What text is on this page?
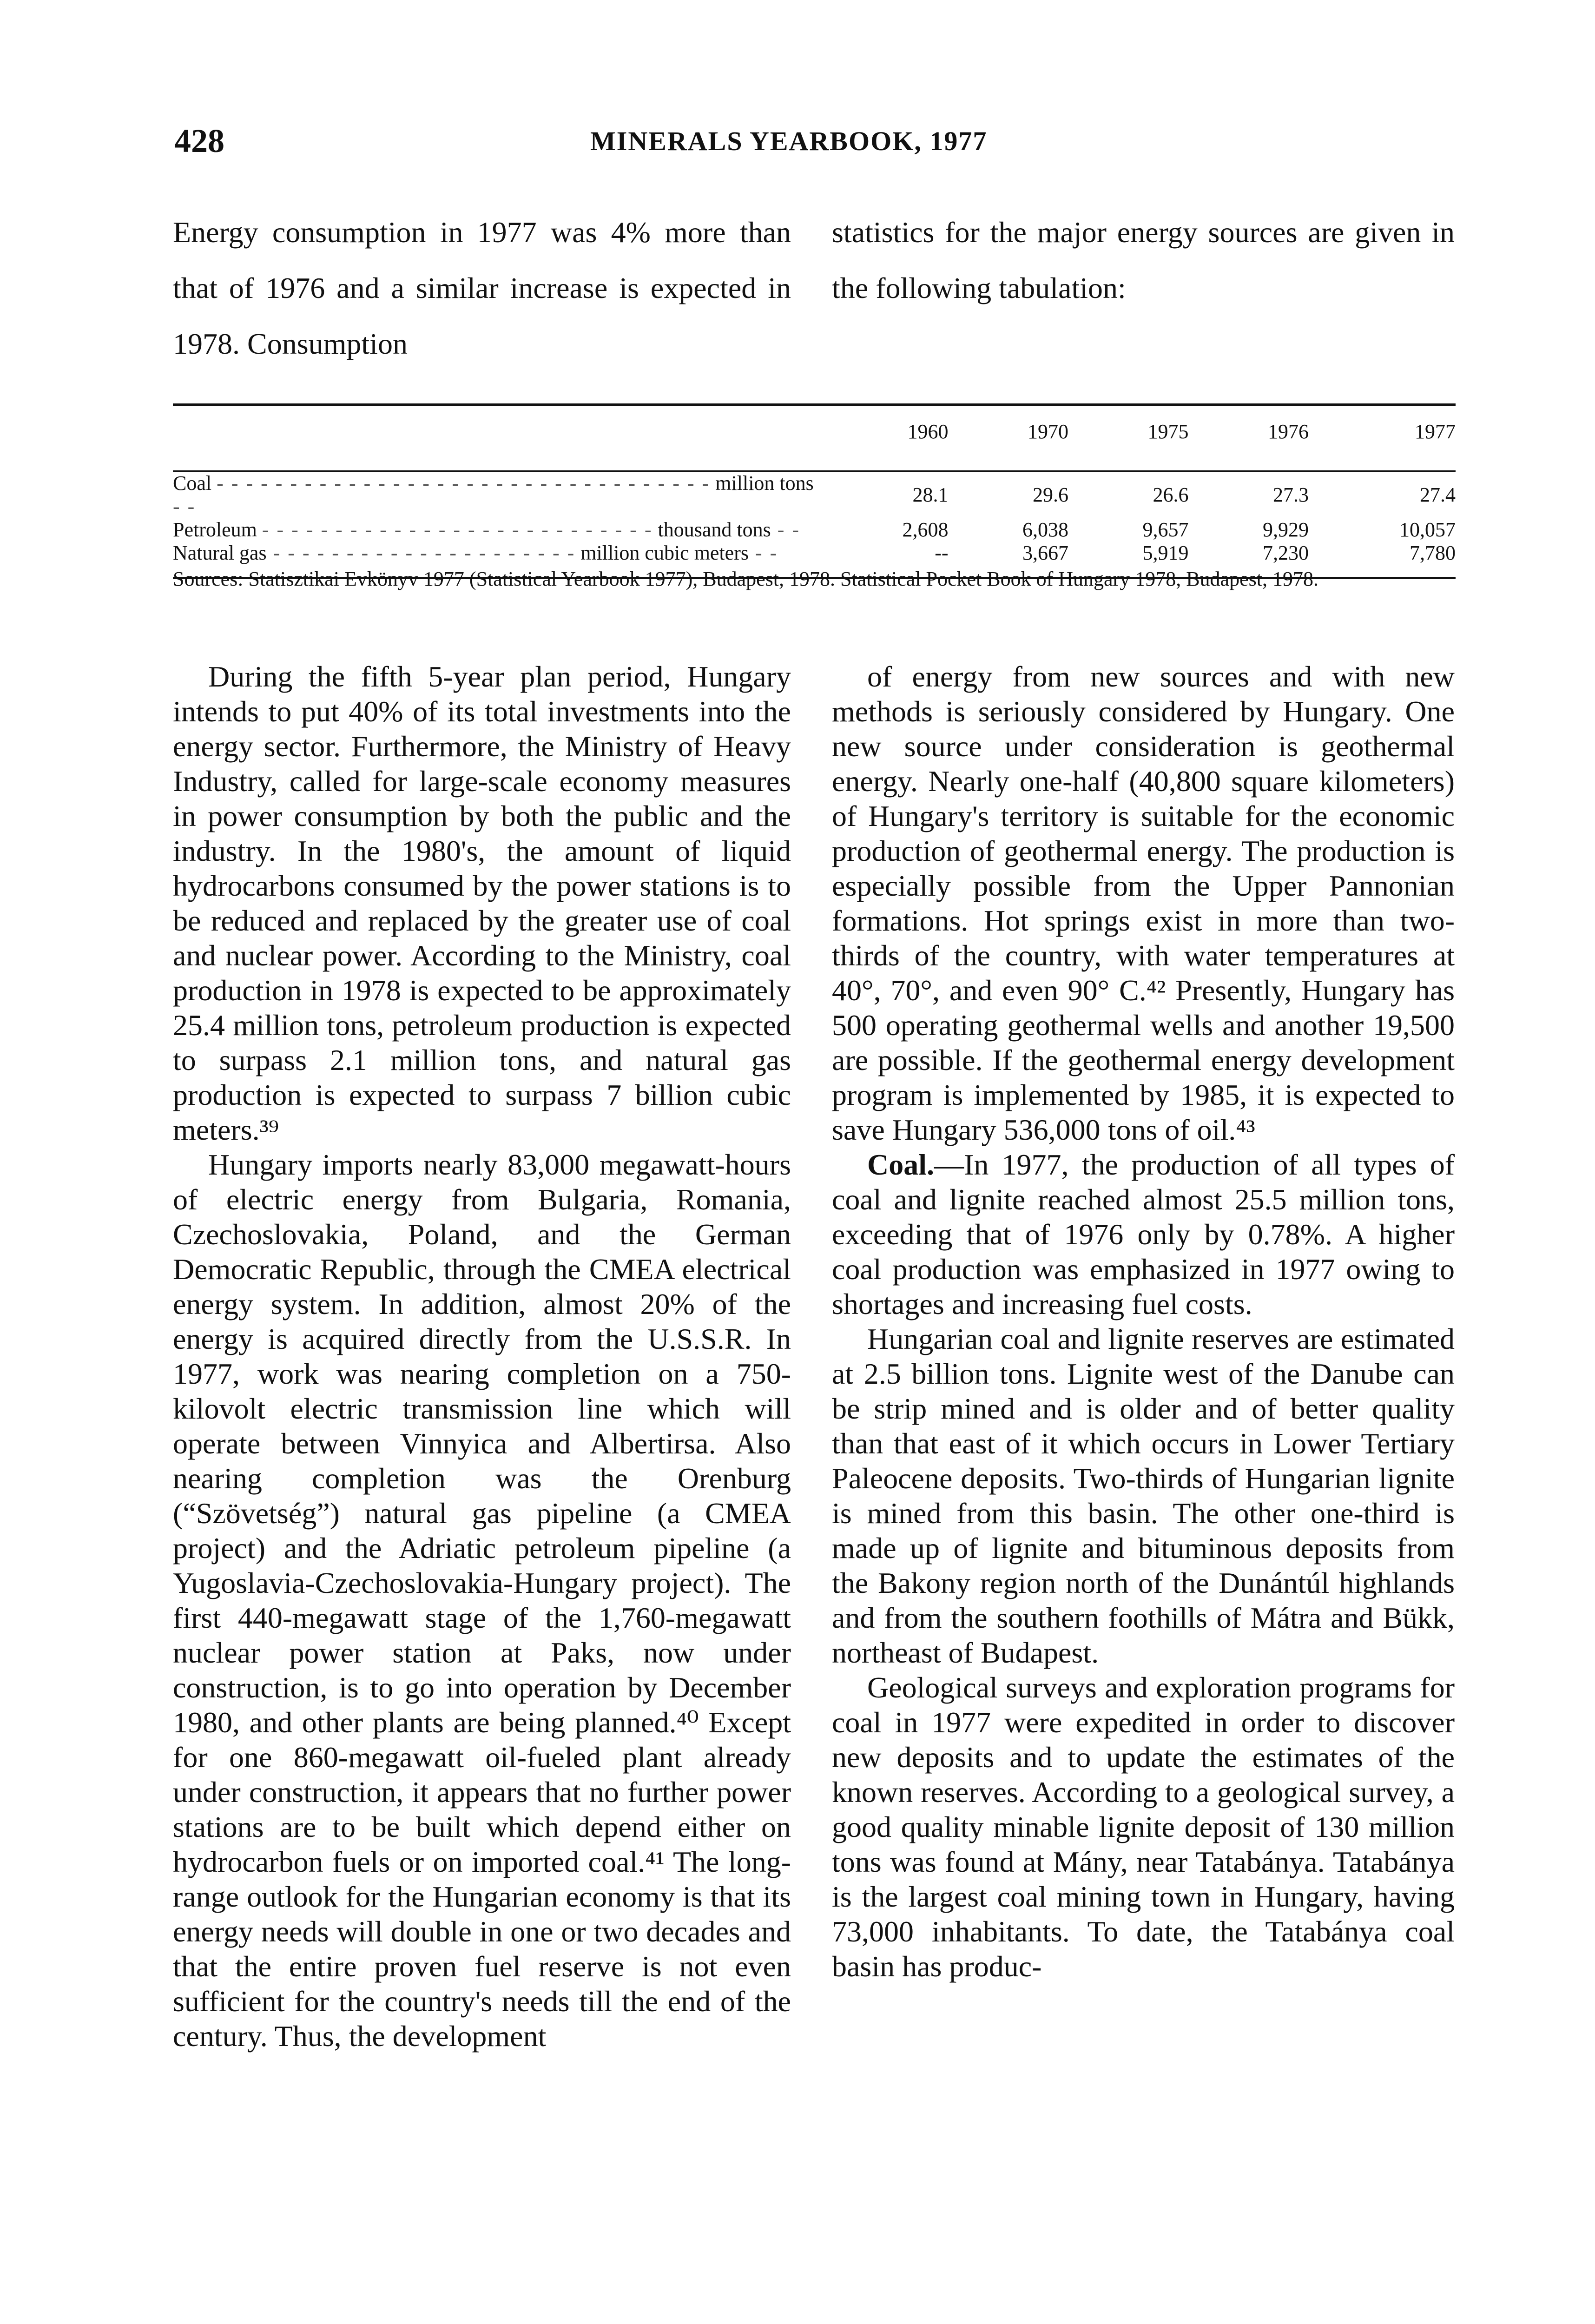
428	MINERALS YEARBOOK, 1977
Energy consumption in 1977 was 4% more than that of 1976 and a similar increase is expected in 1978. Consumption
statistics for the major energy sources are given in the following tabulation:
	1960	1970	1975	1976	1977

Coal - - - - - - - - - - - - - - - - - - - - - - - - - - - - - - - - - - million tons - -	28.1	29.6	26.6	27.3	27.4
Petroleum - - - - - - - - - - - - - - - - - - - - - - - - - - - thousand tons - -	2,608	6,038	9,657	9,929	10,057
Natural gas - - - - - - - - - - - - - - - - - - - - - million cubic meters - -	--	3,667	5,919	7,230	7,780
Sources: Statisztikai Evkönyv 1977 (Statistical Yearbook 1977), Budapest, 1978. Statistical Pocket Book of Hungary 1978, Budapest, 1978.

During the fifth 5-year plan period, Hungary intends to put 40% of its total investments into the energy sector. Furthermore, the Ministry of Heavy Industry, called for large-scale economy measures in power consumption by both the public and the industry. In the 1980's, the amount of liquid hydrocarbons consumed by the power stations is to be reduced and replaced by the greater use of coal and nuclear power. According to the Ministry, coal production in 1978 is expected to be approximately 25.4 million tons, petroleum production is expected to surpass 2.1 million tons, and natural gas production is expected to surpass 7 billion cubic meters.³⁹

Hungary imports nearly 83,000 megawatt-hours of electric energy from Bulgaria, Romania, Czechoslovakia, Poland, and the German Democratic Republic, through the CMEA electrical energy system. In addition, almost 20% of the energy is acquired directly from the U.S.S.R. In 1977, work was nearing completion on a 750-kilovolt electric transmission line which will operate between Vinnyica and Albertirsa. Also nearing completion was the Orenburg (“Szövetség”) natural gas pipeline (a CMEA project) and the Adriatic petroleum pipeline (a Yugoslavia-Czechoslovakia-Hungary project). The first 440-megawatt stage of the 1,760-megawatt nuclear power station at Paks, now under construction, is to go into operation by December 1980, and other plants are being planned.⁴⁰ Except for one 860-megawatt oil-fueled plant already under construction, it appears that no further power stations are to be built which depend either on hydrocarbon fuels or on imported coal.⁴¹ The long-range outlook for the Hungarian economy is that its energy needs will double in one or two decades and that the entire proven fuel reserve is not even sufficient for the country's needs till the end of the century. Thus, the development

of energy from new sources and with new methods is seriously considered by Hungary. One new source under consideration is geothermal energy. Nearly one-half (40,800 square kilometers) of Hungary's territory is suitable for the economic production of geothermal energy. The production is especially possible from the Upper Pannonian formations. Hot springs exist in more than two-thirds of the country, with water temperatures at 40°, 70°, and even 90° C.⁴² Presently, Hungary has 500 operating geothermal wells and another 19,500 are possible. If the geothermal energy development program is implemented by 1985, it is expected to save Hungary 536,000 tons of oil.⁴³

Coal.—In 1977, the production of all types of coal and lignite reached almost 25.5 million tons, exceeding that of 1976 only by 0.78%. A higher coal production was emphasized in 1977 owing to shortages and increasing fuel costs.

Hungarian coal and lignite reserves are estimated at 2.5 billion tons. Lignite west of the Danube can be strip mined and is older and of better quality than that east of it which occurs in Lower Tertiary Paleocene deposits. Two-thirds of Hungarian lignite is mined from this basin. The other one-third is made up of lignite and bituminous deposits from the Bakony region north of the Dunántúl highlands and from the southern foothills of Mátra and Bükk, northeast of Budapest.

Geological surveys and exploration programs for coal in 1977 were expedited in order to discover new deposits and to update the estimates of the known reserves. According to a geological survey, a good quality minable lignite deposit of 130 million tons was found at Mány, near Tatabánya. Tatabánya is the largest coal mining town in Hungary, having 73,000 inhabitants. To date, the Tatabánya coal basin has produc-
